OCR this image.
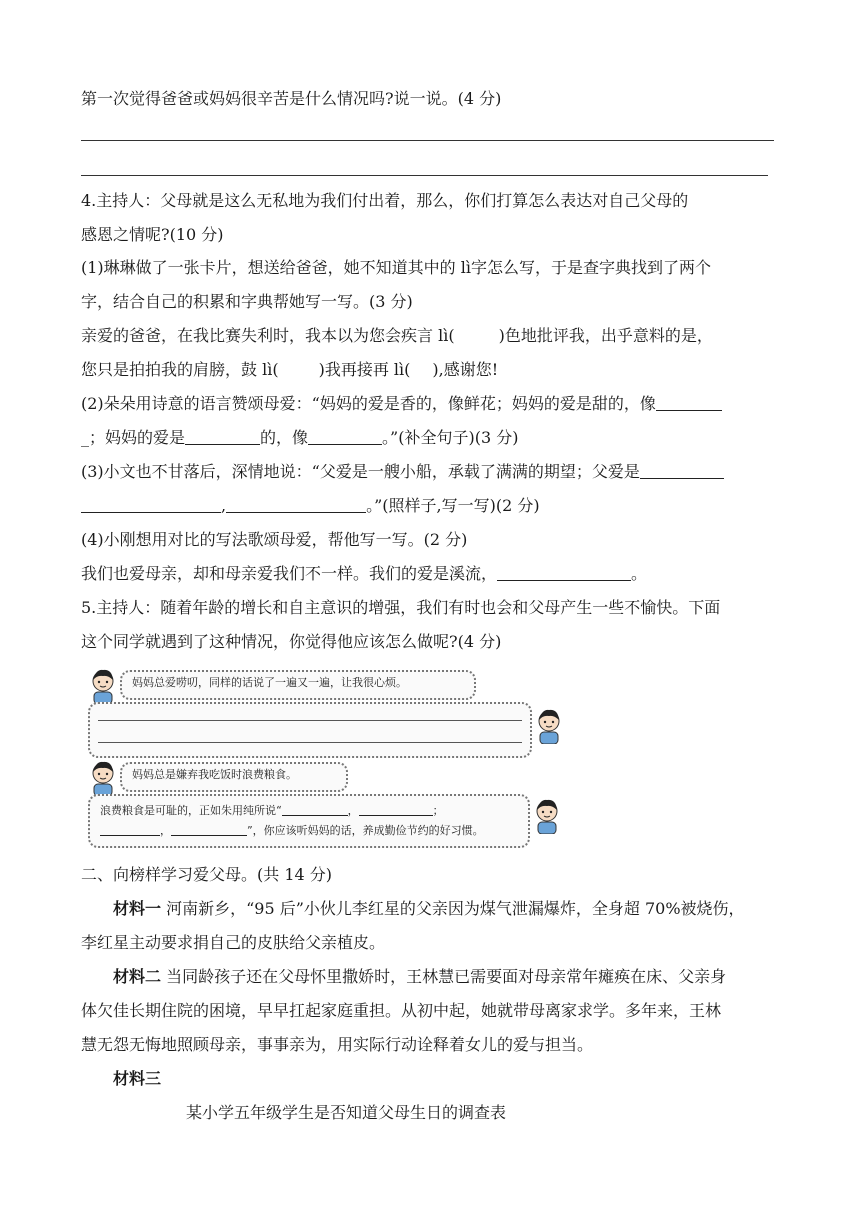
第一次觉得爸爸或妈妈很辛苦是什么情况吗?说一说。(4 分)
4.主持人：父母就是这么无私地为我们付出着，那么，你们打算怎么表达对自己父母的
感恩之情呢?(10 分)
(1)琳琳做了一张卡片，想送给爸爸，她不知道其中的 lì字怎么写，于是查字典找到了两个
字，结合自己的积累和字典帮她写一写。(3 分)
亲爱的爸爸，在我比赛失利时，我本以为您会疾言 lì(	)色地批评我，出乎意料的是，
您只是拍拍我的肩膀，鼓 lì(	)我再接再 lì( ),感谢您!
(2)朵朵用诗意的语言赞颂母爱：“妈妈的爱是香的，像鲜花；妈妈的爱是甜的，像
_；妈妈的爱是	的，像	。”(补全句子)(3 分)
(3)小文也不甘落后，深情地说：“父爱是一艘小船，承载了满满的期望；父爱是
,	。”(照样子,写一写)(2 分)
(4)小刚想用对比的写法歌颂母爱，帮他写一写。(2 分)
我们也爱母亲，却和母亲爱我们不一样。我们的爱是溪流，	。
5.主持人：随着年龄的增长和自主意识的增强，我们有时也会和父母产生一些不愉快。下面
这个同学就遇到了这种情况，你觉得他应该怎么做呢?(4 分)
妈妈总爱唠叨，同样的话说了一遍又一遍，让我很心烦。
妈妈总是嫌弃我吃饭时浪费粮食。
浪费粮食是可耻的，正如朱用纯所说“	，	；
，	”，你应该听妈妈的话，养成勤俭节约的好习惯。
二、向榜样学习爱父母。(共 14 分)
材料一 河南新乡，“95 后”小伙儿李红星的父亲因为煤气泄漏爆炸，全身超 70%被烧伤，
李红星主动要求捐自己的皮肤给父亲植皮。
材料二 当同龄孩子还在父母怀里撒娇时，王林慧已需要面对母亲常年瘫痪在床、父亲身
体欠佳长期住院的困境，早早扛起家庭重担。从初中起，她就带母离家求学。多年来，王林
慧无怨无悔地照顾母亲，事事亲为，用实际行动诠释着女儿的爱与担当。
材料三
某小学五年级学生是否知道父母生日的调查表
